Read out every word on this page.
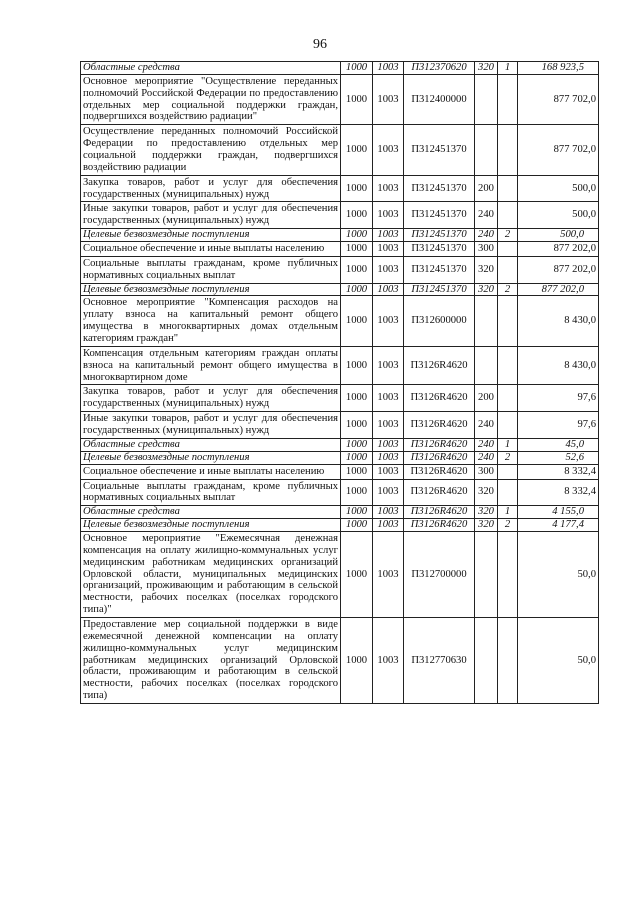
96
Областные средства	1000	1003	П312370620	320	1	168 923,5
Основное мероприятие "Осуществление переданных полномочий Российской Федерации по предоставлению отдельных мер социальной поддержки граждан, подвергшихся воздействию радиации"	1000	1003	П312400000			877 702,0
Осуществление переданных полномочий Российской Федерации по предоставлению отдельных мер социальной поддержки граждан, подвергшихся воздействию радиации	1000	1003	П312451370			877 702,0
Закупка товаров, работ и услуг для обеспечения государственных (муниципальных) нужд	1000	1003	П312451370	200		500,0
Иные закупки товаров, работ и услуг для обеспечения государственных (муниципальных) нужд	1000	1003	П312451370	240		500,0
Целевые безвозмездные поступления	1000	1003	П312451370	240	2	500,0
Социальное обеспечение и иные выплаты населению	1000	1003	П312451370	300		877 202,0
Социальные выплаты гражданам, кроме публичных нормативных социальных выплат	1000	1003	П312451370	320		877 202,0
Целевые безвозмездные поступления	1000	1003	П312451370	320	2	877 202,0
Основное мероприятие "Компенсация расходов на уплату взноса на капитальный ремонт общего имущества в многоквартирных домах отдельным категориям граждан"	1000	1003	П312600000			8 430,0
Компенсация отдельным категориям граждан оплаты взноса на капитальный ремонт общего имущества в многоквартирном доме	1000	1003	П3126R4620			8 430,0
Закупка товаров, работ и услуг для обеспечения государственных (муниципальных) нужд	1000	1003	П3126R4620	200		97,6
Иные закупки товаров, работ и услуг для обеспечения государственных (муниципальных) нужд	1000	1003	П3126R4620	240		97,6
Областные средства	1000	1003	П3126R4620	240	1	45,0
Целевые безвозмездные поступления	1000	1003	П3126R4620	240	2	52,6
Социальное обеспечение и иные выплаты населению	1000	1003	П3126R4620	300		8 332,4
Социальные выплаты гражданам, кроме публичных нормативных социальных выплат	1000	1003	П3126R4620	320		8 332,4
Областные средства	1000	1003	П3126R4620	320	1	4 155,0
Целевые безвозмездные поступления	1000	1003	П3126R4620	320	2	4 177,4
Основное мероприятие "Ежемесячная денежная компенсация на оплату жилищно-коммунальных услуг медицинским работникам медицинских организаций Орловской области, муниципальных медицинских организаций, проживающим и работающим в сельской местности, рабочих поселках (поселках городского типа)"	1000	1003	П312700000			50,0
Предоставление мер социальной поддержки в виде ежемесячной денежной компенсации на оплату жилищно-коммунальных услуг медицинским работникам медицинских организаций Орловской области, проживающим и работающим в сельской местности, рабочих поселках (поселках городского типа)	1000	1003	П312770630			50,0
